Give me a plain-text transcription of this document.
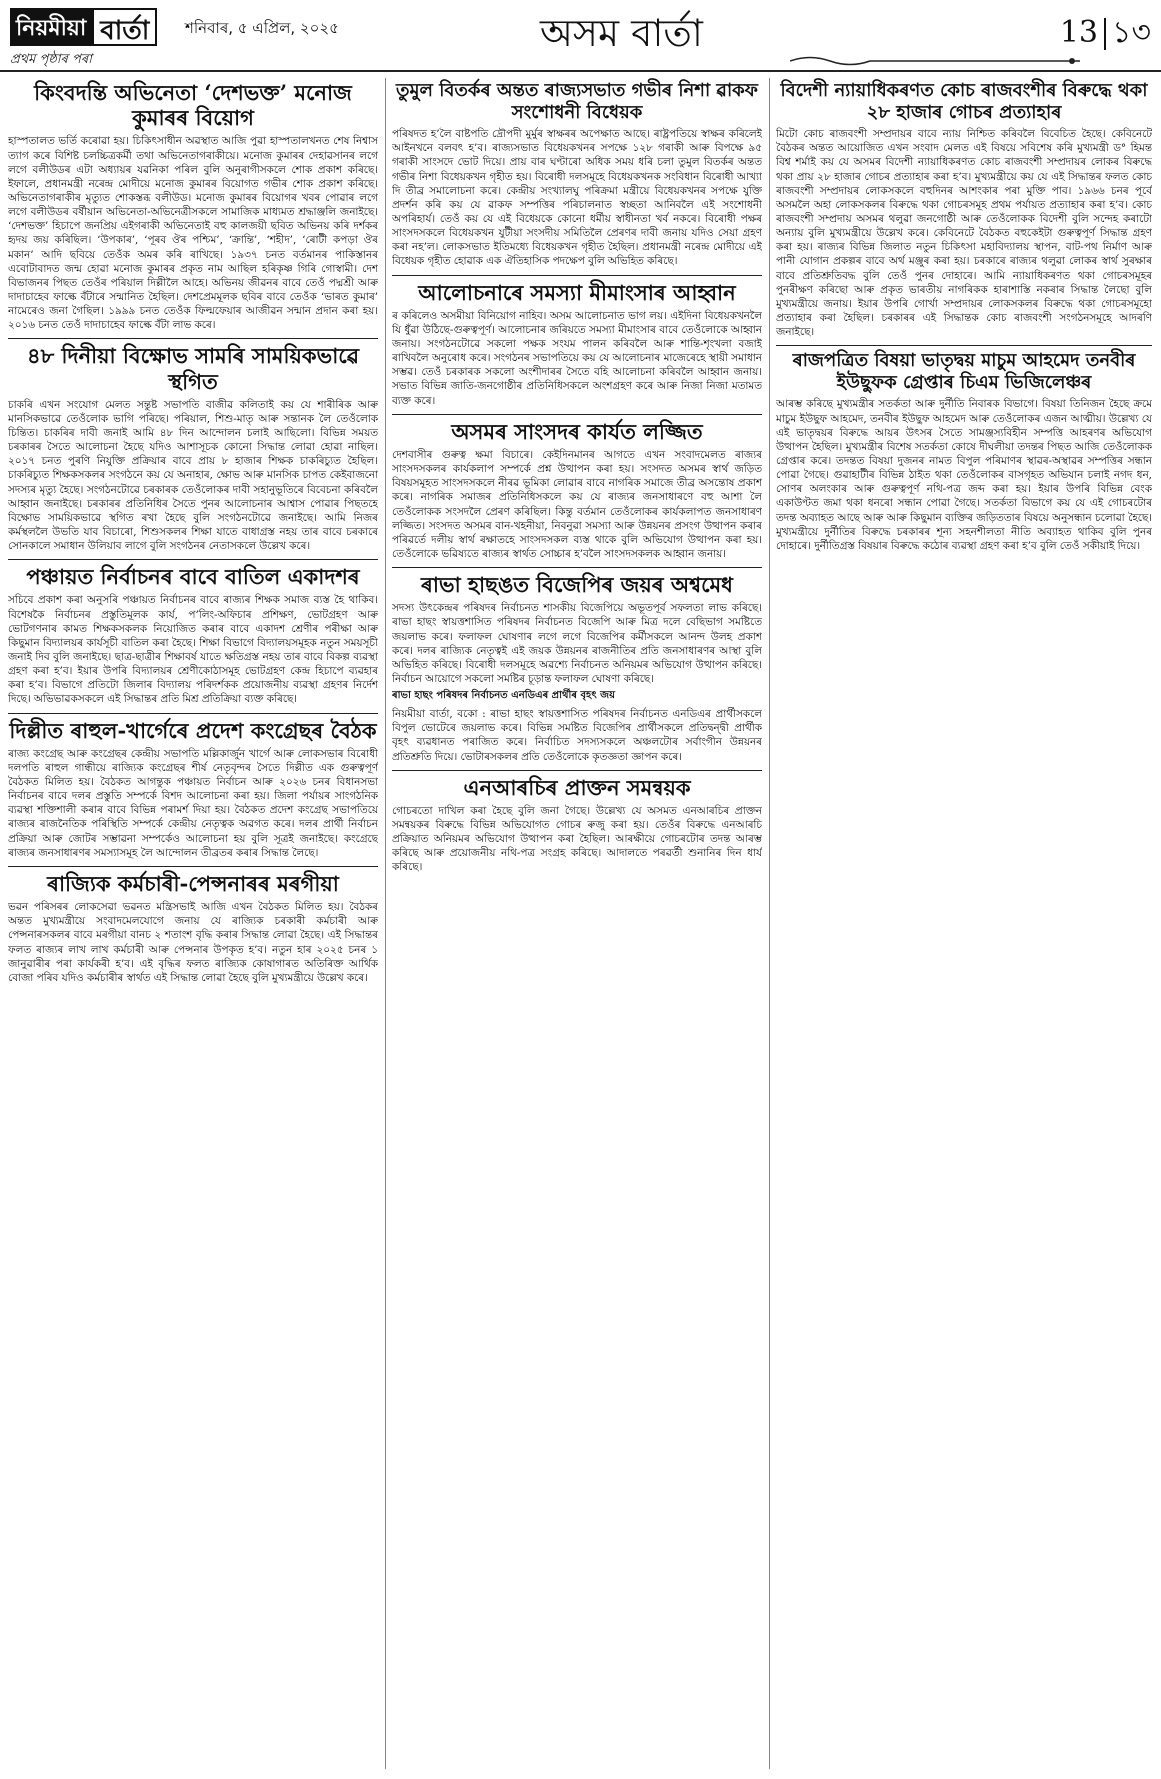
নিয়মীয়া বার্তা	শনিবাৰ, ৫ এপ্ৰিল, ২০২৫	অসম বার্তা	13 ১৩
প্ৰথম পৃষ্ঠাৰ পৰা
কিংবদন্তি অভিনেতা ‘দেশভক্ত’ মনোজ কুমাৰৰ বিয়োগ

হাস্পতালত ভৰ্তি কৰোৱা হয়। চিকিৎসাধীন অৱস্থাত আজি পুৱা হাস্পতালখনত শেষ নিশ্বাস ত্যাগ কৰে বিশিষ্ট চলচ্চিত্ৰকৰ্মী তথা অভিনেতাগৰাকীয়ে। মনোজ কুমাৰৰ দেহাৱসানৰ লগে লগে বলীউডৰ এটা অধ্যায়ৰ যৱনিকা পৰিল বুলি অনুৰাগীসকলে শোক প্ৰকাশ কৰিছে। ইফালে, প্ৰধানমন্ত্ৰী নৰেন্দ্ৰ মোদীয়ে মনোজ কুমাৰৰ বিয়োগত গভীৰ শোক প্ৰকাশ কৰিছে। অভিনেতাগৰাকীৰ মৃত্যুত শোকস্তব্ধ বলীউড। মনোজ কুমাৰৰ বিয়োগৰ খবৰ পোৱাৰ লগে লগে বলীউডৰ বৰ্ষীয়ান অভিনেতা-অভিনেত্ৰীসকলে সামাজিক মাধ্যমত শ্ৰদ্ধাঞ্জলি জনাইছে। ‘দেশভক্ত’ হিচাপে জনপ্ৰিয় এইগৰাকী অভিনেতাই বহু কালজয়ী ছবিত অভিনয় কৰি দৰ্শকৰ হৃদয় জয় কৰিছিল। ‘উপকাৰ’, ‘পূৰব ঔৰ পশ্চিম’, ‘ক্ৰান্তি’, ‘শহীদ’, ‘ৰোটী কপড়া ঔৰ মকান’ আদি ছবিয়ে তেওঁক অমৰ কৰি ৰাখিছে। ১৯৩৭ চনত বৰ্তমানৰ পাকিস্তানৰ এবোটাবাদত জন্ম হোৱা মনোজ কুমাৰৰ প্ৰকৃত নাম আছিল হৰিকৃষ্ণ গিৰি গোস্বামী। দেশ বিভাজনৰ পিছত তেওঁৰ পৰিয়াল দিল্লীলৈ আহে। অভিনয় জীৱনৰ বাবে তেওঁ পদ্মশ্ৰী আৰু দাদাচাহেব ফাল্কে বঁটাৰে সন্মানিত হৈছিল। দেশপ্ৰেমমূলক ছবিৰ বাবে তেওঁক ‘ভাৰত কুমাৰ’ নামেৰেও জনা গৈছিল। ১৯৯৯ চনত তেওঁক ফিল্মফেয়াৰ আজীৱন সন্মান প্ৰদান কৰা হয়। ২০১৬ চনত তেওঁ দাদাচাহেব ফাল্কে বঁটা লাভ কৰে।

৪৮ দিনীয়া বিক্ষোভ সামৰি সাময়িকভাৱে স্থগিত

চাকৰি এখন সংযোগ মেলত সন্তুষ্ট সভাপতি বাজীৱ কলিতাই কয় যে শাৰীৰিক আৰু মানসিকভাৱে তেওঁলোক ভাগি পৰিছে। পৰিয়াল, শিশু-মাতৃ আৰু সন্তানক লৈ তেওঁলোক চিন্তিত। চাকৰিৰ দাবী জনাই আমি ৪৮ দিন আন্দোলন চলাই আছিলো। বিভিন্ন সময়ত চৰকাৰৰ সৈতে আলোচনা হৈছে যদিও আশাসূচক কোনো সিদ্ধান্ত লোৱা হোৱা নাছিল। ২০১৭ চনত পুৰণি নিযুক্তি প্ৰক্ৰিয়াৰ বাবে প্ৰায় ৮ হাজাৰ শিক্ষক চাকৰিচ্যুত হৈছিল। চাকৰিচ্যুত শিক্ষকসকলৰ সংগঠনে কয় যে অনাহাৰ, ক্ষোভ আৰু মানসিক চাপত কেইবাজনো সদস্যৰ মৃত্যু হৈছে। সংগঠনটোৱে চৰকাৰক তেওঁলোকৰ দাবী সহানুভূতিৰে বিবেচনা কৰিবলৈ আহ্বান জনাইছে। চৰকাৰৰ প্ৰতিনিধিৰ সৈতে পুনৰ আলোচনাৰ আশ্বাস পোৱাৰ পিছতহে বিক্ষোভ সাময়িকভাৱে স্থগিত ৰখা হৈছে বুলি সংগঠনটোৱে জনাইছে। আমি নিজৰ কৰ্মস্থললৈ উভতি যাব বিচাৰো, শিশুসকলৰ শিক্ষা যাতে বাধাগ্ৰস্ত নহয় তাৰ বাবে চৰকাৰে সোনকালে সমাধান উলিয়াব লাগে বুলি সংগঠনৰ নেতাসকলে উল্লেখ কৰে।

পঞ্চায়ত নিৰ্বাচনৰ বাবে বাতিল একাদশৰ

সচিবে প্ৰকাশ কৰা অনুসৰি পঞ্চায়ত নিৰ্বাচনৰ বাবে ৰাজ্যৰ শিক্ষক সমাজ ব্যস্ত হৈ থাকিব। বিশেষকৈ নিৰ্বাচনৰ প্ৰস্তুতিমূলক কাৰ্য, প’লিং-অফিচাৰ প্ৰশিক্ষণ, ভোটগ্ৰহণ আৰু ভোটগণনাৰ কামত শিক্ষকসকলক নিয়োজিত কৰাৰ বাবে একাদশ শ্ৰেণীৰ পৰীক্ষা আৰু কিছুমান বিদ্যালয়ৰ কাৰ্যসূচী বাতিল কৰা হৈছে। শিক্ষা বিভাগে বিদ্যালয়সমূহক নতুন সময়সূচী জনাই দিব বুলি জনাইছে। ছাত্ৰ-ছাত্ৰীৰ শিক্ষাবৰ্ষ যাতে ক্ষতিগ্ৰস্ত নহয় তাৰ বাবে বিকল্প ব্যৱস্থা গ্ৰহণ কৰা হ’ব। ইয়াৰ উপৰি বিদ্যালয়ৰ শ্ৰেণীকোঠাসমূহ ভোটগ্ৰহণ কেন্দ্ৰ হিচাপে ব্যৱহাৰ কৰা হ’ব। বিভাগে প্ৰতিটো জিলাৰ বিদ্যালয় পৰিদৰ্শকক প্ৰয়োজনীয় ব্যৱস্থা গ্ৰহণৰ নিৰ্দেশ দিছে। অভিভাৱকসকলে এই সিদ্ধান্তৰ প্ৰতি মিশ্ৰ প্ৰতিক্ৰিয়া ব্যক্ত কৰিছে।

দিল্লীত ৰাহুল-খাৰ্গেৰে প্ৰদেশ কংগ্ৰেছৰ বৈঠক

ৰাজ্য কংগ্ৰেছ আৰু কংগ্ৰেছৰ কেন্দ্ৰীয় সভাপতি মল্লিকাৰ্জুন খাৰ্গে আৰু লোকসভাৰ বিৰোধী দলপতি ৰাহুল গান্ধীয়ে ৰাজ্যিক কংগ্ৰেছৰ শীৰ্ষ নেতৃবৃন্দৰ সৈতে দিল্লীত এক গুৰুত্বপূৰ্ণ বৈঠকত মিলিত হয়। বৈঠকত আগন্তুক পঞ্চায়ত নিৰ্বাচন আৰু ২০২৬ চনৰ বিধানসভা নিৰ্বাচনৰ বাবে দলৰ প্ৰস্তুতি সম্পৰ্কে বিশদ আলোচনা কৰা হয়। জিলা পৰ্যায়ৰ সাংগঠনিক ব্যৱস্থা শক্তিশালী কৰাৰ বাবে বিভিন্ন পৰামৰ্শ দিয়া হয়। বৈঠকত প্ৰদেশ কংগ্ৰেছ সভাপতিয়ে ৰাজ্যৰ ৰাজনৈতিক পৰিস্থিতি সম্পৰ্কে কেন্দ্ৰীয় নেতৃত্বক অৱগত কৰে। দলৰ প্ৰাৰ্থী নিৰ্বাচন প্ৰক্ৰিয়া আৰু জোটৰ সম্ভাৱনা সম্পৰ্কেও আলোচনা হয় বুলি সূত্ৰই জনাইছে। কংগ্ৰেছে ৰাজ্যৰ জনসাধাৰণৰ সমস্যাসমূহ লৈ আন্দোলন তীব্ৰতৰ কৰাৰ সিদ্ধান্ত লৈছে।

ৰাজ্যিক কৰ্মচাৰী-পেন্সনাৰৰ মৰগীয়া

ভৱন পৰিসৰৰ লোকসেৱা ভৱনত মন্ত্ৰিসভাই আজি এখন বৈঠকত মিলিত হয়। বৈঠকৰ অন্তত মুখ্যমন্ত্ৰীয়ে সংবাদমেলযোগে জনায় যে ৰাজ্যিক চৰকাৰী কৰ্মচাৰী আৰু পেন্সনাৰসকলৰ বাবে মৰগীয়া বানচ ২ শতাংশ বৃদ্ধি কৰাৰ সিদ্ধান্ত লোৱা হৈছে। এই সিদ্ধান্তৰ ফলত ৰাজ্যৰ লাখ লাখ কৰ্মচাৰী আৰু পেন্সনাৰ উপকৃত হ’ব। নতুন হাৰ ২০২৫ চনৰ ১ জানুৱাৰীৰ পৰা কাৰ্যকৰী হ’ব। এই বৃদ্ধিৰ ফলত ৰাজ্যিক কোষাগাৰত অতিৰিক্ত আৰ্থিক বোজা পৰিব যদিও কৰ্মচাৰীৰ স্বাৰ্থত এই সিদ্ধান্ত লোৱা হৈছে বুলি মুখ্যমন্ত্ৰীয়ে উল্লেখ কৰে।

তুমুল বিতৰ্কৰ অন্তত ৰাজ্যসভাত গভীৰ নিশা ৱাকফ সংশোধনী বিধেয়ক

পৰিষদত হ’লৈ বাষ্টপতি দ্ৰৌপদী মুৰ্মুৰ স্বাক্ষৰৰ অপেক্ষাত আছে। ৰাষ্ট্ৰপতিয়ে স্বাক্ষৰ কৰিলেই আইনখনে বলবৎ হ’ব। ৰাজ্যসভাত বিধেয়কখনৰ সপক্ষে ১২৮ গৰাকী আৰু বিপক্ষে ৯৫ গৰাকী সাংসদে ভোট দিয়ে। প্ৰায় বাৰ ঘণ্টাৰো অধিক সময় ধৰি চলা তুমুল বিতৰ্কৰ অন্তত গভীৰ নিশা বিধেয়কখন গৃহীত হয়। বিৰোধী দলসমূহে বিধেয়কখনক সংবিধান বিৰোধী আখ্যা দি তীব্ৰ সমালোচনা কৰে। কেন্দ্ৰীয় সংখ্যালঘু পৰিক্ৰমা মন্ত্ৰীয়ে বিধেয়কখনৰ সপক্ষে যুক্তি প্ৰদৰ্শন কৰি কয় যে ৱাকফ সম্পত্তিৰ পৰিচালনাত স্বচ্ছতা আনিবলৈ এই সংশোধনী অপৰিহাৰ্য। তেওঁ কয় যে এই বিধেয়কে কোনো ধৰ্মীয় স্বাধীনতা খৰ্ব নকৰে। বিৰোধী পক্ষৰ সাংসদসকলে বিধেয়কখন যুটীয়া সংসদীয় সমিতিলৈ প্ৰেৰণৰ দাবী জনায় যদিও সেয়া গ্ৰহণ কৰা নহ’ল। লোকসভাত ইতিমধ্যে বিধেয়কখন গৃহীত হৈছিল। প্ৰধানমন্ত্ৰী নৰেন্দ্ৰ মোদীয়ে এই বিধেয়ক গৃহীত হোৱাক এক ঐতিহাসিক পদক্ষেপ বুলি অভিহিত কৰিছে।

আলোচনাৰে সমস্যা মীমাংসাৰ আহ্বান

ৰ কৰিলেও অসমীয়া বিনিয়োগ নাহিব। অসম আলোচনাত ভাগ লয়। এইদিনা বিধেয়কখনলৈ যি ধুঁৱা উঠিছে-গুৰুত্বপূৰ্ণ। আলোচনাৰ জৰিয়তে সমস্যা মীমাংসাৰ বাবে তেওঁলোকে আহ্বান জনায়। সংগঠনটোৱে সকলো পক্ষক সংযম পালন কৰিবলৈ আৰু শান্তি-শৃংখলা বজাই ৰাখিবলৈ অনুৰোধ কৰে। সংগঠনৰ সভাপতিয়ে কয় যে আলোচনাৰ মাজেৰেহে স্থায়ী সমাধান সম্ভৱ। তেওঁ চৰকাৰক সকলো অংশীদাৰৰ সৈতে বহি আলোচনা কৰিবলৈ আহ্বান জনায়। সভাত বিভিন্ন জাতি-জনগোষ্ঠীৰ প্ৰতিনিধিসকলে অংশগ্ৰহণ কৰে আৰু নিজা নিজা মতামত ব্যক্ত কৰে।

অসমৰ সাংসদৰ কাৰ্যত লজ্জিত

দেশবাসীৰ গুৰুত্ব ক্ষমা বিচাৰে। কেইদিনমানৰ আগতে এখন সংবাদমেলত ৰাজ্যৰ সাংসদসকলৰ কাৰ্যকলাপ সম্পৰ্কে প্ৰশ্ন উত্থাপন কৰা হয়। সংসদত অসমৰ স্বাৰ্থ জড়িত বিষয়সমূহত সাংসদসকলে নীৰৱ ভূমিকা লোৱাৰ বাবে নাগৰিক সমাজে তীব্ৰ অসন্তোষ প্ৰকাশ কৰে। নাগৰিক সমাজৰ প্ৰতিনিধিসকলে কয় যে ৰাজ্যৰ জনসাধাৰণে বহু আশা লৈ তেওঁলোকক সংসদলৈ প্ৰেৰণ কৰিছিল। কিন্তু বৰ্তমান তেওঁলোকৰ কাৰ্যকলাপত জনসাধাৰণ লজ্জিত। সংসদত অসমৰ বান-খহনীয়া, নিবনুৱা সমস্যা আৰু উন্নয়নৰ প্ৰসংগ উত্থাপন কৰাৰ পৰিৱৰ্তে দলীয় স্বাৰ্থ ৰক্ষাতহে সাংসদসকল ব্যস্ত থাকে বুলি অভিযোগ উত্থাপন কৰা হয়। তেওঁলোকে ভৱিষ্যতে ৰাজ্যৰ স্বাৰ্থত সোচ্চাৰ হ’বলৈ সাংসদসকলক আহ্বান জনায়।

ৰাভা হাছঙত বিজেপিৰ জয়ৰ অশ্বমেধ

সদস্য উৎকেন্দ্ৰৰ পৰিষদৰ নিৰ্বাচনত শাসকীয় বিজেপিয়ে অভূতপূৰ্ব সফলতা লাভ কৰিছে। ৰাভা হাছং স্বায়ত্তশাসিত পৰিষদৰ নিৰ্বাচনত বিজেপি আৰু মিত্ৰ দলে বেছিভাগ সমষ্টিতে জয়লাভ কৰে। ফলাফল ঘোষণাৰ লগে লগে বিজেপিৰ কৰ্মীসকলে আনন্দ উলহ প্ৰকাশ কৰে। দলৰ ৰাজ্যিক নেতৃত্বই এই জয়ক উন্নয়নৰ ৰাজনীতিৰ প্ৰতি জনসাধাৰণৰ আস্থা বুলি অভিহিত কৰিছে। বিৰোধী দলসমূহে অৱশ্যে নিৰ্বাচনত অনিয়মৰ অভিযোগ উত্থাপন কৰিছে। নিৰ্বাচন আয়োগে সকলো সমষ্টিৰ চূড়ান্ত ফলাফল ঘোষণা কৰিছে।

ৰাভা হাছং পৰিষদৰ নিৰ্বাচনত এনডিএৰ প্ৰাৰ্থীৰ বৃহৎ জয়

নিয়মীয়া বাৰ্তা, বকো : ৰাভা হাছং স্বায়ত্তশাসিত পৰিষদৰ নিৰ্বাচনত এনডিএৰ প্ৰাৰ্থীসকলে বিপুল ভোটেৰে জয়লাভ কৰে। বিভিন্ন সমষ্টিত বিজেপিৰ প্ৰাৰ্থীসকলে প্ৰতিদ্বন্দ্বী প্ৰাৰ্থীক বৃহৎ ব্যৱধানত পৰাজিত কৰে। নিৰ্বাচিত সদস্যসকলে অঞ্চলটোৰ সৰ্বাংগীন উন্নয়নৰ প্ৰতিশ্ৰুতি দিয়ে। ভোটাৰসকলৰ প্ৰতি তেওঁলোকে কৃতজ্ঞতা জ্ঞাপন কৰে।

এনআৰচিৰ প্ৰাক্তন সমন্বয়ক

গোচৰতো দাখিল কৰা হৈছে বুলি জনা গৈছে। উল্লেখ্য যে অসমত এনআৰচিৰ প্ৰাক্তন সমন্বয়কৰ বিৰুদ্ধে বিভিন্ন অভিযোগত গোচৰ ৰুজু কৰা হয়। তেওঁৰ বিৰুদ্ধে এনআৰচি প্ৰক্ৰিয়াত অনিয়মৰ অভিযোগ উত্থাপন কৰা হৈছিল। আৰক্ষীয়ে গোচৰটোৰ তদন্ত আৰম্ভ কৰিছে আৰু প্ৰয়োজনীয় নথি-পত্ৰ সংগ্ৰহ কৰিছে। আদালতে পৰৱৰ্তী শুনানিৰ দিন ধাৰ্য কৰিছে।

বিদেশী ন্যায়াধিকৰণত কোচ ৰাজবংশীৰ বিৰুদ্ধে থকা ২৮ হাজাৰ গোচৰ প্ৰত্যাহাৰ

মিটো কোচ ৰাজবংশী সম্প্ৰদায়ৰ বাবে ন্যায় নিশ্চিত কৰিবলৈ বিবেচিত হৈছে। কেবিনেটে বৈঠকৰ অন্তত আয়োজিত এখন সংবাদ মেলত এই বিষয়ে সবিশেষ কৰি মুখ্যমন্ত্ৰী ড° হিমন্ত বিশ্ব শৰ্মাই কয় যে অসমৰ বিদেশী ন্যায়াধিকৰণত কোচ ৰাজবংশী সম্প্ৰদায়ৰ লোকৰ বিৰুদ্ধে থকা প্ৰায় ২৮ হাজাৰ গোচৰ প্ৰত্যাহাৰ কৰা হ’ব। মুখ্যমন্ত্ৰীয়ে কয় যে এই সিদ্ধান্তৰ ফলত কোচ ৰাজবংশী সম্প্ৰদায়ৰ লোকসকলে বহুদিনৰ আশংকাৰ পৰা মুক্তি পাব। ১৯৬৬ চনৰ পূৰ্বে অসমলৈ অহা লোকসকলৰ বিৰুদ্ধে থকা গোচৰসমূহ প্ৰথম পৰ্যায়ত প্ৰত্যাহাৰ কৰা হ’ব। কোচ ৰাজবংশী সম্প্ৰদায় অসমৰ থলুৱা জনগোষ্ঠী আৰু তেওঁলোকক বিদেশী বুলি সন্দেহ কৰাটো অন্যায় বুলি মুখ্যমন্ত্ৰীয়ে উল্লেখ কৰে। কেবিনেটে বৈঠকত বহুকেইটা গুৰুত্বপূৰ্ণ সিদ্ধান্ত গ্ৰহণ কৰা হয়। ৰাজ্যৰ বিভিন্ন জিলাত নতুন চিকিৎসা মহাবিদ্যালয় স্থাপন, বাট-পথ নিৰ্মাণ আৰু পানী যোগান প্ৰকল্পৰ বাবে অৰ্থ মঞ্জুৰ কৰা হয়। চৰকাৰে ৰাজ্যৰ থলুৱা লোকৰ স্বাৰ্থ সুৰক্ষাৰ বাবে প্ৰতিশ্ৰুতিবদ্ধ বুলি তেওঁ পুনৰ দোহাৰে। আমি ন্যায়াধিকৰণত থকা গোচৰসমূহৰ পুনৰীক্ষণ কৰিছো আৰু প্ৰকৃত ভাৰতীয় নাগৰিকক হাৰাশাস্তি নকৰাৰ সিদ্ধান্ত লৈছো বুলি মুখ্যমন্ত্ৰীয়ে জনায়। ইয়াৰ উপৰি গোৰ্খা সম্প্ৰদায়ৰ লোকসকলৰ বিৰুদ্ধে থকা গোচৰসমূহো প্ৰত্যাহাৰ কৰা হৈছিল। চৰকাৰৰ এই সিদ্ধান্তক কোচ ৰাজবংশী সংগঠনসমূহে আদৰণি জনাইছে।

ৰাজপত্ৰিত বিষয়া ভাতৃদ্বয় মাচুম আহমেদ তনবীৰ ইউছুফক গ্ৰেপ্তাৰ চিএম ভিজিলেঞ্চৰ

আৰম্ভ কৰিছে মুখ্যমন্ত্ৰীৰ সতৰ্কতা আৰু দুৰ্নীতি নিবাৰক বিভাগে। বিষয়া তিনিজন হৈছে ক্ৰমে মাচুম ইউছুফ আহমেদ, তনবীৰ ইউছুফ আহমেদ আৰু তেওঁলোকৰ এজন আত্মীয়। উল্লেখ্য যে এই ভাতৃদ্বয়ৰ বিৰুদ্ধে আয়ৰ উৎসৰ সৈতে সামঞ্জস্যবিহীন সম্পত্তি আহৰণৰ অভিযোগ উত্থাপন হৈছিল। মুখ্যমন্ত্ৰীৰ বিশেষ সতৰ্কতা কোষে দীঘলীয়া তদন্তৰ পিছত আজি তেওঁলোকক গ্ৰেপ্তাৰ কৰে। তদন্তত বিষয়া দুজনৰ নামত বিপুল পৰিমাণৰ স্থাৱৰ-অস্থাৱৰ সম্পত্তিৰ সন্ধান পোৱা গৈছে। গুৱাহাটীৰ বিভিন্ন ঠাইত থকা তেওঁলোকৰ বাসগৃহত অভিযান চলাই নগদ ধন, সোণৰ অলংকাৰ আৰু গুৰুত্বপূৰ্ণ নথি-পত্ৰ জব্দ কৰা হয়। ইয়াৰ উপৰি বিভিন্ন বেংক একাউণ্টত জমা থকা ধনৰো সন্ধান পোৱা গৈছে। সতৰ্কতা বিভাগে কয় যে এই গোচৰটোৰ তদন্ত অব্যাহত আছে আৰু আৰু কিছুমান ব্যক্তিৰ জড়িততাৰ বিষয়ে অনুসন্ধান চলোৱা হৈছে। মুখ্যমন্ত্ৰীয়ে দুৰ্নীতিৰ বিৰুদ্ধে চৰকাৰৰ শূন্য সহনশীলতা নীতি অব্যাহত থাকিব বুলি পুনৰ দোহাৰে। দুৰ্নীতিগ্ৰস্ত বিষয়াৰ বিৰুদ্ধে কঠোৰ ব্যৱস্থা গ্ৰহণ কৰা হ’ব বুলি তেওঁ সকীয়াই দিয়ে।
